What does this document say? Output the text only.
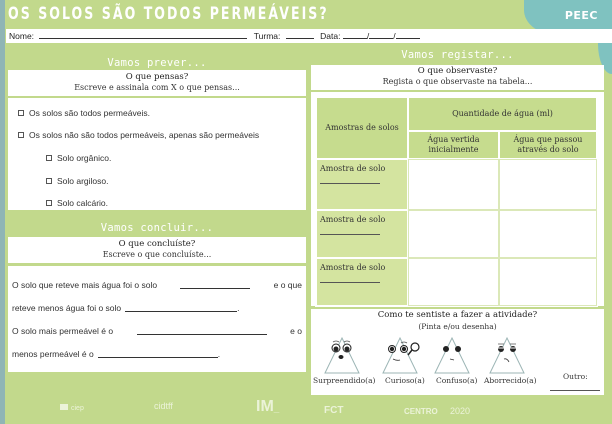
PEEC
OS SOLOS SÃO TODOS PERMEÁVEIS?
Nome:	Turma:	Data:	/	/
Vamos prever...
O que pensas?
Escreve e assinala com X o que pensas...
Os solos são todos permeáveis.
Os solos não são todos permeáveis, apenas são permeáveis
Solo orgânico.
Solo argiloso.
Solo calcário.
Vamos concluir...
O que concluíste?
Escreve o que concluíste...
O solo que reteve mais água foi o solo	e o que
reteve menos água foi o solo	.
O solo mais permeável é o	e o
menos permeável é o	.
Vamos registar...
O que observaste?
Regista o que observaste na tabela...
Amostras de solos	Quantidade de água (ml)	
	Água vertida inicialmente	Água que passou através do solo
Amostra de solo

Amostra de solo

Amostra de solo

Como te sentiste a fazer a atividade?
(Pinta e/ou desenha)
Surpreendido(a) Curioso(a) Confuso(a) Aborrecido(a)	Outro:
ciep	cidtff	IM_	FCT	CENTRO 2020
